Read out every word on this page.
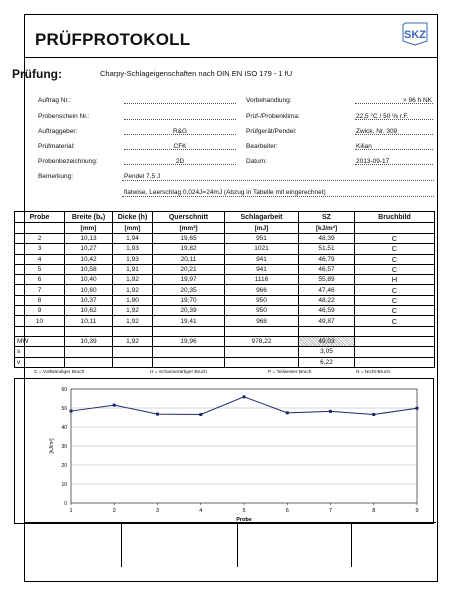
PRÜFPROTOKOLL	SKZ
Prüfung:	Charpy-Schlageigenschaften nach DIN EN ISO 179 - 1 fU
Auftrag Nr.:
Probenschein Nr.:
Auftraggeber:	R&G
Prüfmaterial:	CFK
Probenbezeichnung:	2D
Vorbehandlung:	> 96 h NK
Prüf-/Probenklima:	22,5 °C / 50 % r.F.
Prüfgerät/Pendel:	Zwick, Nr. 309
Bearbeiter:	Kilian
Datum:	2013-09-17
Bemerkung:	Pendel 7,5 J
flatwise, Leerschlag 0,024J=24mJ (Abzug in Tabelle mit eingerechnet)
Probe	Breite (bₛ)	Dicke (h)	Querschnitt	Schlagarbeit	SZ	Bruchbild
	[mm]	[mm]	[mm²]	[mJ]	[kJ/m²]	
2	10,13	1,94	19,65	951	48,39	C
3	10,27	1,93	19,82	1021	51,51	C
4	10,42	1,93	20,11	941	46,79	C
5	10,58	1,91	20,21	941	46,57	C
6	10,40	1,92	19,97	1116	55,89	H
7	10,60	1,92	20,35	966	47,46	C
8	10,37	1,90	19,70	950	48,22	C
9	10,62	1,92	20,39	950	46,59	C
10	10,11	1,92	19,41	968	49,87	C

MW	10,39	1,92	19,96	978,22	49,03	
s					3,05	
v					6,22	
C = Vollständiger Bruch	H = Scharnierartiger Bruch	P = Teilweiser Bruch	N = Nicht-Bruch
0
10
20
30
40
50
60
1	2	3	4	5	6	7	8	9
Probe
[kJ/m²]
